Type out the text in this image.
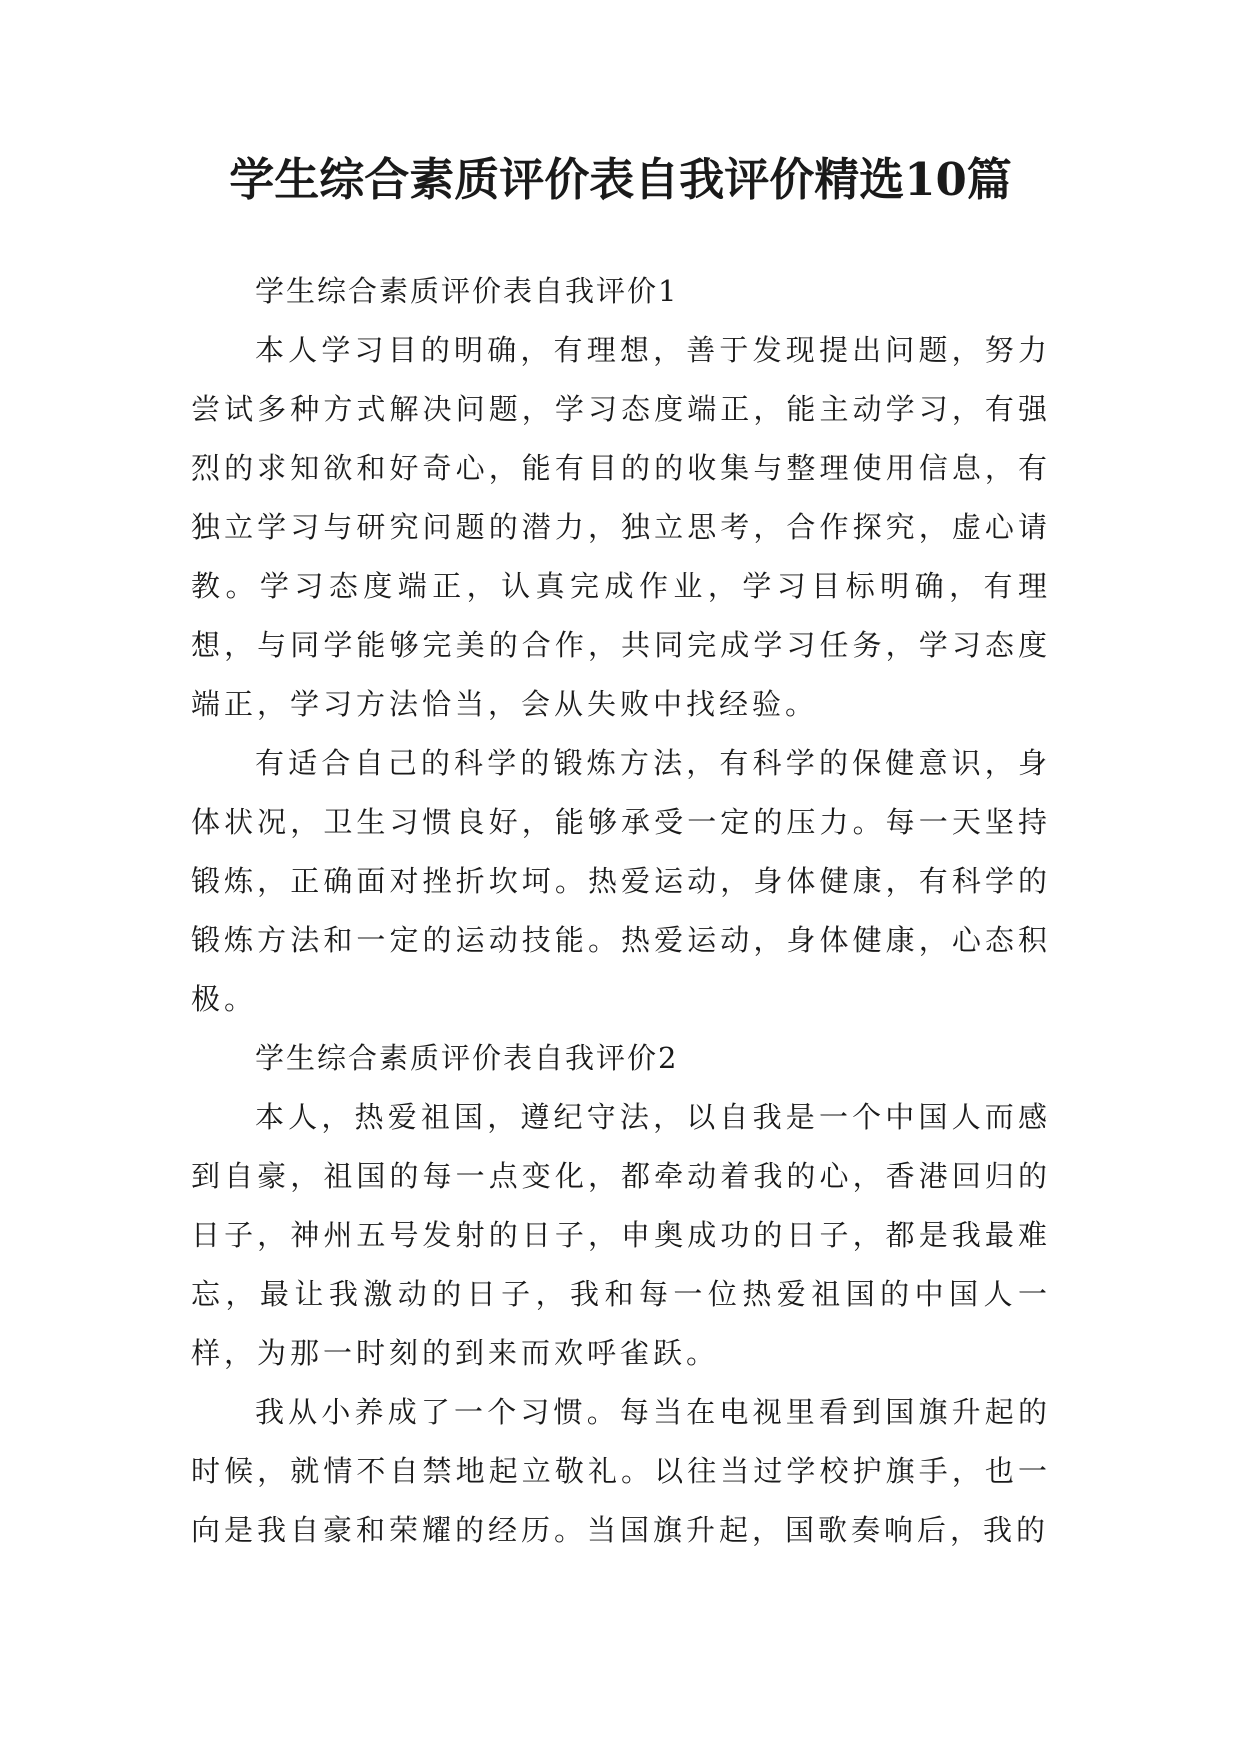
学生综合素质评价表自我评价精选10篇

学生综合素质评价表自我评价1

本人学习目的明确，有理想，善于发现提出问题，努力尝试多种方式解决问题，学习态度端正，能主动学习，有强烈的求知欲和好奇心，能有目的的收集与整理使用信息，有独立学习与研究问题的潜力，独立思考，合作探究，虚心请教。学习态度端正，认真完成作业，学习目标明确，有理想，与同学能够完美的合作，共同完成学习任务，学习态度端正，学习方法恰当，会从失败中找经验。

有适合自己的科学的锻炼方法，有科学的保健意识，身体状况，卫生习惯良好，能够承受一定的压力。每一天坚持锻炼，正确面对挫折坎坷。热爱运动，身体健康，有科学的锻炼方法和一定的运动技能。热爱运动，身体健康，心态积极。

学生综合素质评价表自我评价2

本人，热爱祖国，遵纪守法，以自我是一个中国人而感到自豪，祖国的每一点变化，都牵动着我的心，香港回归的日子，神州五号发射的日子，申奥成功的日子，都是我最难忘，最让我激动的日子，我和每一位热爱祖国的中国人一样，为那一时刻的到来而欢呼雀跃。

我从小养成了一个习惯。每当在电视里看到国旗升起的时候，就情不自禁地起立敬礼。以往当过学校护旗手，也一向是我自豪和荣耀的经历。当国旗升起，国歌奏响后，我的
